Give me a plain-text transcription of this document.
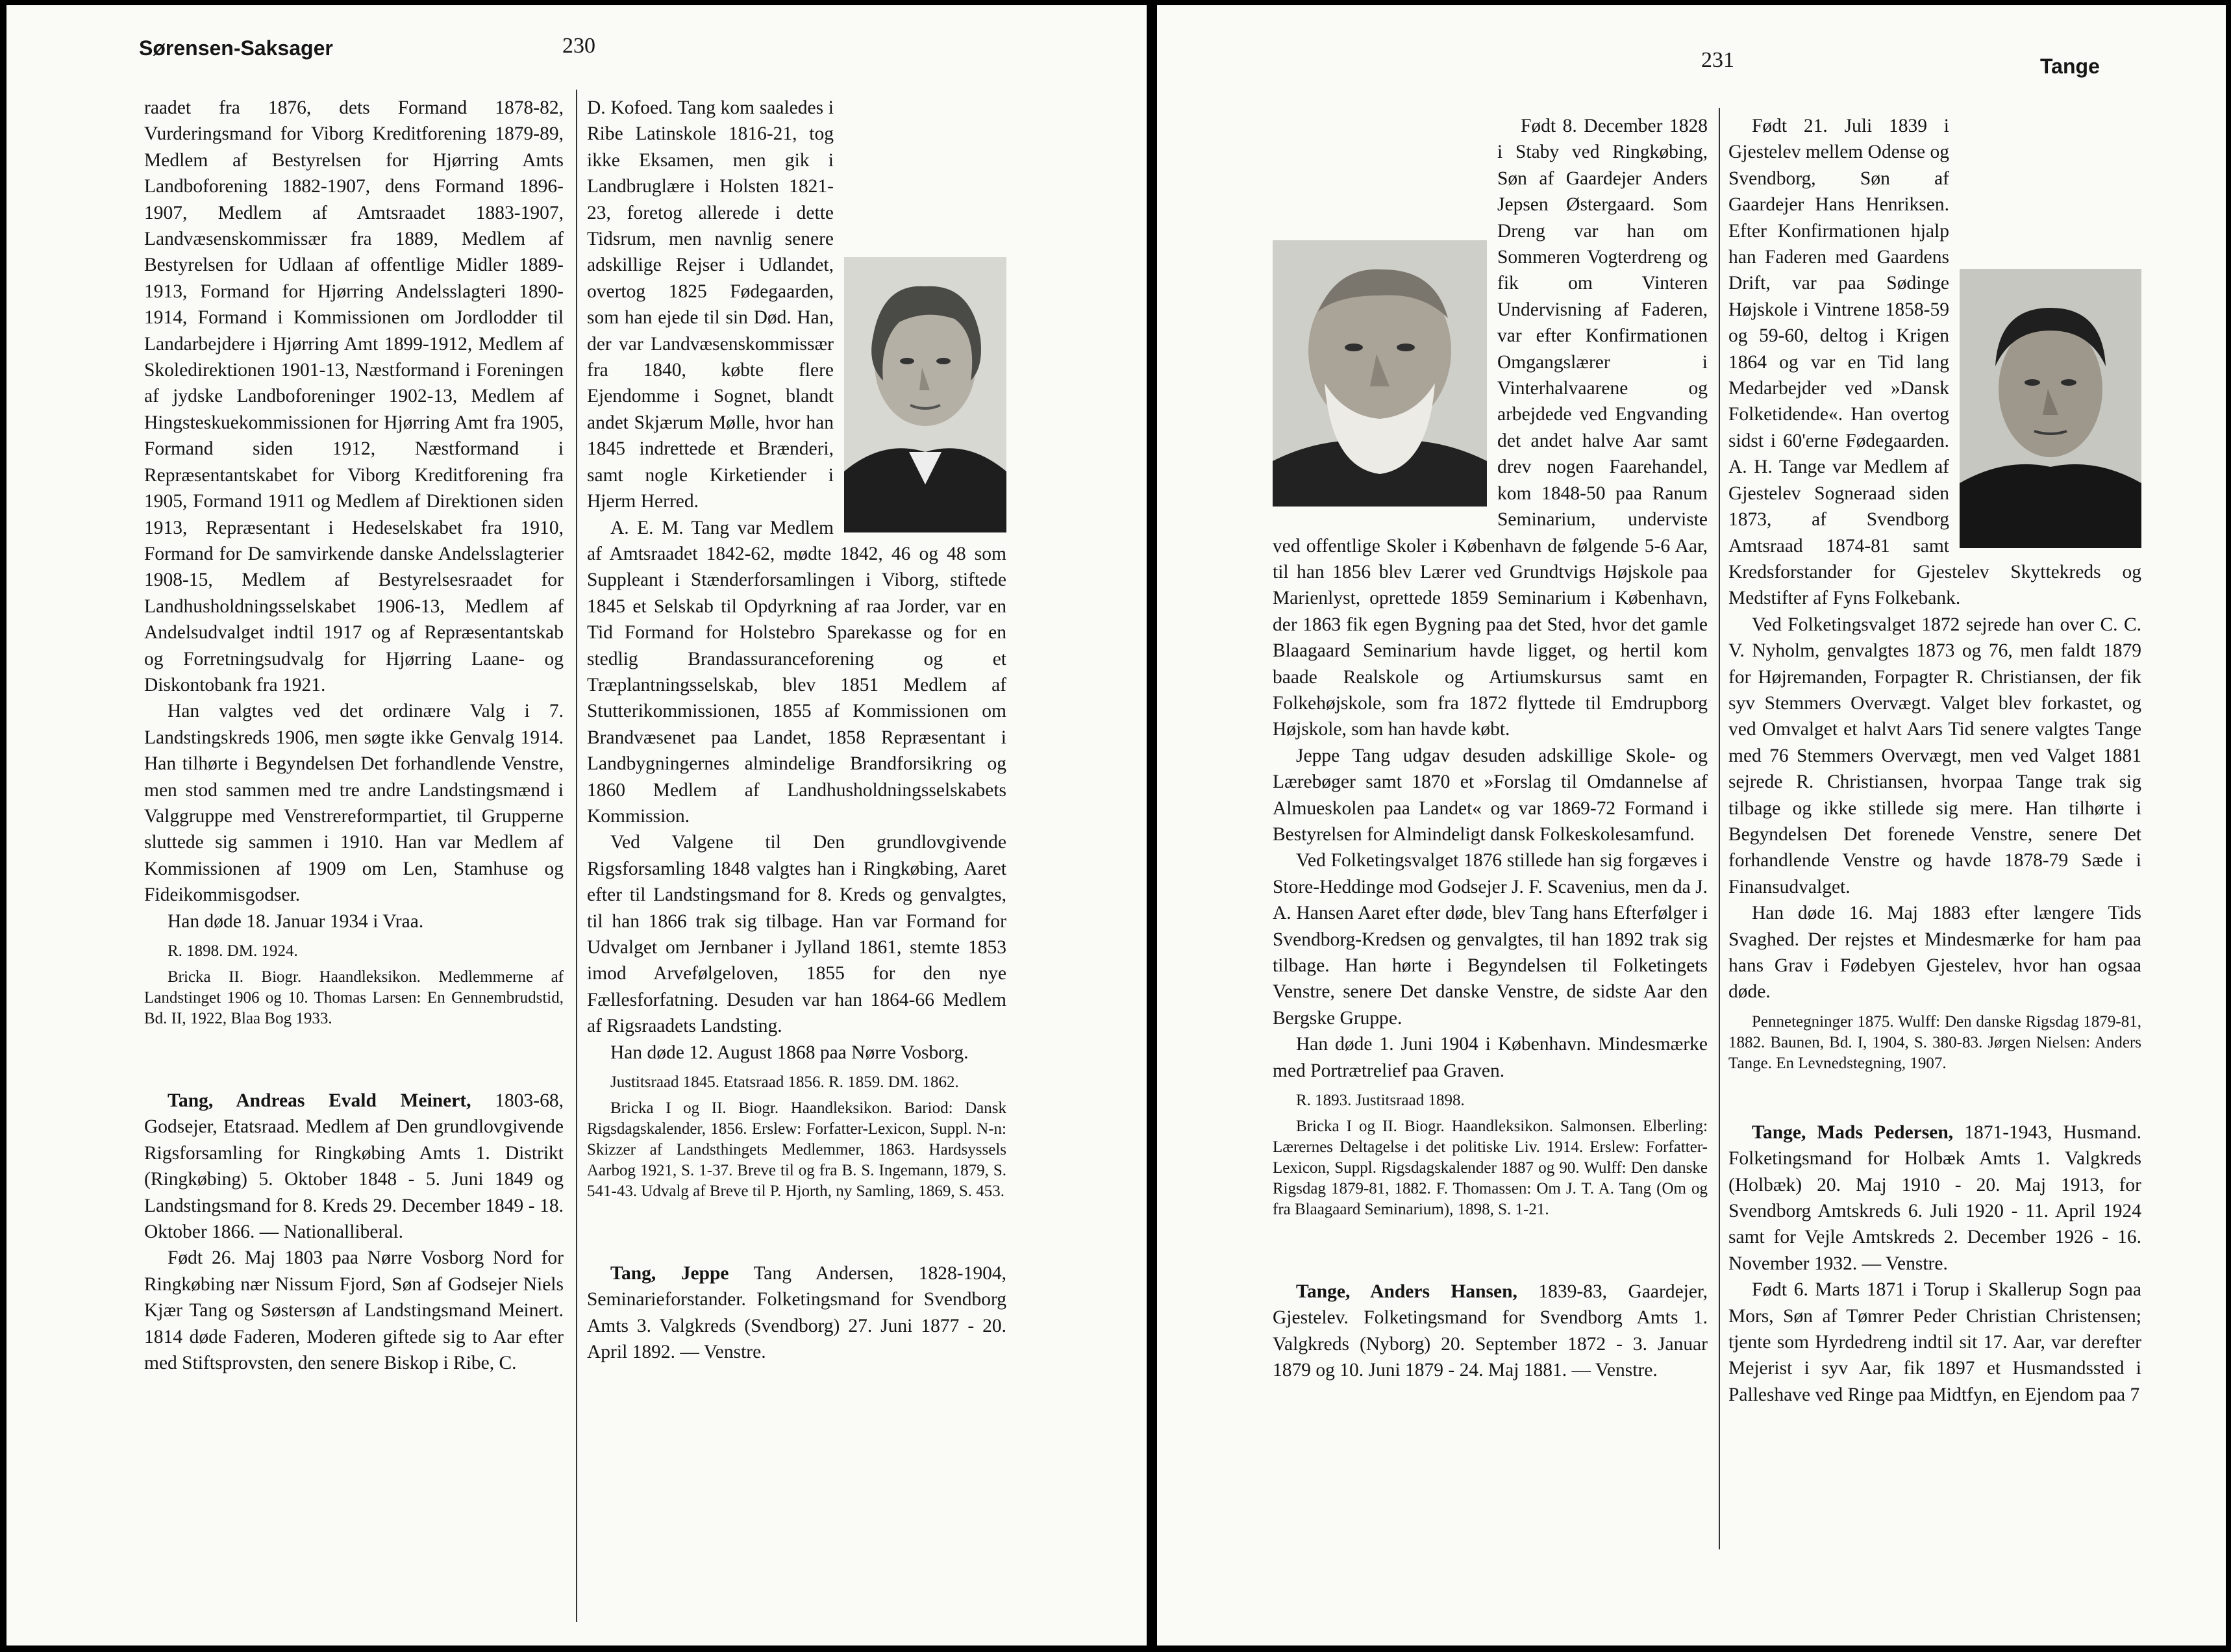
Sørensen-Saksager	230

raadet fra 1876, dets Formand 1878-82, Vurderingsmand for Viborg Kreditforening 1879-89, Medlem af Bestyrelsen for Hjørring Amts Landboforening 1882-1907, dens Formand 1896-1907, Medlem af Amtsraadet 1883-1907, Landvæsenskommissær fra 1889, Medlem af Bestyrelsen for Udlaan af offentlige Midler 1889-1913, Formand for Hjørring Andelsslagteri 1890-1914, Formand i Kommissionen om Jordlodder til Landarbejdere i Hjørring Amt 1899-1912, Medlem af Skoledirektionen 1901-13, Næstformand i Foreningen af jydske Landboforeninger 1902-13, Medlem af Hingsteskuekommissionen for Hjørring Amt fra 1905, Formand siden 1912, Næstformand i Repræsentantskabet for Viborg Kreditforening fra 1905, Formand 1911 og Medlem af Direktionen siden 1913, Repræsentant i Hedeselskabet fra 1910, Formand for De samvirkende danske Andelsslagterier 1908-15, Medlem af Bestyrelsesraadet for Landhusholdningsselskabet 1906-13, Medlem af Andelsudvalget indtil 1917 og af Repræsentantskab og Forretningsudvalg for Hjørring Laane- og Diskontobank fra 1921.

Han valgtes ved det ordinære Valg i 7. Landstingskreds 1906, men søgte ikke Genvalg 1914. Han tilhørte i Begyndelsen Det forhandlende Venstre, men stod sammen med tre andre Landstingsmænd i Valggruppe med Venstrereformpartiet, til Grupperne sluttede sig sammen i 1910. Han var Medlem af Kommissionen af 1909 om Len, Stamhuse og Fideikommisgodser.

Han døde 18. Januar 1934 i Vraa.

R. 1898. DM. 1924.

Bricka II. Biogr. Haandleksikon. Medlemmerne af Landstinget 1906 og 10. Thomas Larsen: En Gennembrudstid, Bd. II, 1922, Blaa Bog 1933.

Tang, Andreas Evald Meinert, 1803-68, Godsejer, Etatsraad. Medlem af Den grundlovgivende Rigsforsamling for Ringkøbing Amts 1. Distrikt (Ringkøbing) 5. Oktober 1848 - 5. Juni 1849 og Landstingsmand for 8. Kreds 29. December 1849 - 18. Oktober 1866. — Nationalliberal.

Født 26. Maj 1803 paa Nørre Vosborg Nord for Ringkøbing nær Nissum Fjord, Søn af Godsejer Niels Kjær Tang og Søstersøn af Landstingsmand Meinert. 1814 døde Faderen, Moderen giftede sig to Aar efter med Stiftsprovsten, den senere Biskop i Ribe, C.

D. Kofoed. Tang kom saaledes i Ribe Latinskole 1816-21, tog ikke Eksamen, men gik i Landbruglære i Holsten 1821-23, foretog allerede i dette Tidsrum, men navnlig senere adskillige Rejser i Udlandet, overtog 1825 Fødegaarden, som han ejede til sin Død. Han, der var Landvæsenskommissær fra 1840, købte flere Ejendomme i Sognet, blandt andet Skjærum Mølle, hvor han 1845 indrettede et Brænderi, samt nogle Kirketiender i Hjerm Herred.

A. E. M. Tang var Medlem af Amtsraadet 1842-62, mødte 1842, 46 og 48 som Suppleant i Stænderforsamlingen i Viborg, stiftede 1845 et Selskab til Opdyrkning af raa Jorder, var en Tid Formand for Holstebro Sparekasse og for en stedlig Brandassurancеforening og et Træplantningsselskab, blev 1851 Medlem af Stutterikommissionen, 1855 af Kommissionen om Brandvæsenet paa Landet, 1858 Repræsentant i Landbygningernes almindelige Brandforsikring og 1860 Medlem af Landhusholdningsselskabets Kommission.

Ved Valgene til Den grundlovgivende Rigsforsamling 1848 valgtes han i Ringkøbing, Aaret efter til Landstingsmand for 8. Kreds og genvalgtes, til han 1866 trak sig tilbage. Han var Formand for Udvalget om Jernbaner i Jylland 1861, stemte 1853 imod Arvefølgeloven, 1855 for den nye Fællesforfatning. Desuden var han 1864-66 Medlem af Rigsraadets Landsting.

Han døde 12. August 1868 paa Nørre Vosborg.

Justitsraad 1845. Etatsraad 1856. R. 1859. DM. 1862.

Bricka I og II. Biogr. Haandleksikon. Bariod: Dansk Rigsdagskalender, 1856. Erslew: Forfatter-Lexicon, Suppl. N-n: Skizzer af Landsthingets Medlemmer, 1863. Hardsyssels Aarbog 1921, S. 1-37. Breve til og fra B. S. Ingemann, 1879, S. 541-43. Udvalg af Breve til P. Hjorth, ny Samling, 1869, S. 453.

Tang, Jeppe Tang Andersen, 1828-1904, Seminarieforstander. Folketingsmand for Svendborg Amts 3. Valgkreds (Svendborg) 27. Juni 1877 - 20. April 1892. — Venstre.

231	Tange

Født 8. December 1828 i Staby ved Ringkøbing, Søn af Gaardejer Anders Jepsen Østergaard. Som Dreng var han om Sommeren Vogterdreng og fik om Vinteren Undervisning af Faderen, var efter Konfirmationen Omgangslærer i Vinterhalvaarene og arbejdede ved Engvanding det andet halve Aar samt drev nogen Faarehandel, kom 1848-50 paa Ranum Seminarium, underviste ved offentlige Skoler i København de følgende 5-6 Aar, til han 1856 blev Lærer ved Grundtvigs Højskole paa Marienlyst, oprettede 1859 Seminarium i København, der 1863 fik egen Bygning paa det Sted, hvor det gamle Blaagaard Seminarium havde ligget, og hertil kom baade Realskole og Artiumskursus samt en Folkehøjskole, som fra 1872 flyttede til Emdrupborg Højskole, som han havde købt.

Jeppe Tang udgav desuden adskillige Skole- og Lærebøger samt 1870 et »Forslag til Omdannelse af Almueskolen paa Landet« og var 1869-72 Formand i Bestyrelsen for Almindeligt dansk Folkeskolesamfund.

Ved Folketingsvalget 1876 stillede han sig forgæves i Store-Heddinge mod Godsejer J. F. Scavenius, men da J. A. Hansen Aaret efter døde, blev Tang hans Efterfølger i Svendborg-Kredsen og genvalgtes, til han 1892 trak sig tilbage. Han hørte i Begyndelsen til Folketingets Venstre, senere Det danske Venstre, de sidste Aar den Bergske Gruppe.

Han døde 1. Juni 1904 i København. Mindesmærke med Portrætrelief paa Graven.

R. 1893. Justitsraad 1898.

Bricka I og II. Biogr. Haandleksikon. Salmonsen. Elberling: Lærernes Deltagelse i det politiske Liv. 1914. Erslew: Forfatter-Lexicon, Suppl. Rigsdagskalender 1887 og 90. Wulff: Den danske Rigsdag 1879-81, 1882. F. Thomassen: Om J. T. A. Tang (Om og fra Blaagaard Seminarium), 1898, S. 1-21.

Tange, Anders Hansen, 1839-83, Gaardejer, Gjestelev. Folketingsmand for Svendborg Amts 1. Valgkreds (Nyborg) 20. September 1872 - 3. Januar 1879 og 10. Juni 1879 - 24. Maj 1881. — Venstre.

Født 21. Juli 1839 i Gjestelev mellem Odense og Svendborg, Søn af Gaardejer Hans Henriksen. Efter Konfirmationen hjalp han Faderen med Gaardens Drift, var paa Sødinge Højskole i Vintrene 1858-59 og 59-60, deltog i Krigen 1864 og var en Tid lang Medarbejder ved »Dansk Folketidende«. Han overtog sidst i 60'erne Fødegaarden. A. H. Tange var Medlem af Gjestelev Sogneraad siden 1873, af Svendborg Amtsraad 1874-81 samt Kredsforstander for Gjestelev Skyttekreds og Medstifter af Fyns Folkebank.

Ved Folketingsvalget 1872 sejrede han over C. C. V. Nyholm, genvalgtes 1873 og 76, men faldt 1879 for Højremanden, Forpagter R. Christiansen, der fik syv Stemmers Overvægt. Valget blev forkastet, og ved Omvalget et halvt Aars Tid senere valgtes Tange med 76 Stemmers Overvægt, men ved Valget 1881 sejrede R. Christiansen, hvorpaa Tange trak sig tilbage og ikke stillede sig mere. Han tilhørte i Begyndelsen Det forenede Venstre, senere Det forhandlende Venstre og havde 1878-79 Sæde i Finansudvalget.

Han døde 16. Maj 1883 efter længere Tids Svaghed. Der rejstes et Mindesmærke for ham paa hans Grav i Fødebyen Gjestelev, hvor han ogsaa døde.

Pennetegninger 1875. Wulff: Den danske Rigsdag 1879-81, 1882. Baunen, Bd. I, 1904, S. 380-83. Jørgen Nielsen: Anders Tange. En Levnedstegning, 1907.

Tange, Mads Pedersen, 1871-1943, Husmand. Folketingsmand for Holbæk Amts 1. Valgkreds (Holbæk) 20. Maj 1910 - 20. Maj 1913, for Svendborg Amtskreds 6. Juli 1920 - 11. April 1924 samt for Vejle Amtskreds 2. December 1926 - 16. November 1932. — Venstre.

Født 6. Marts 1871 i Torup i Skallerup Sogn paa Mors, Søn af Tømrer Peder Christian Christensen; tjente som Hyrdedreng indtil sit 17. Aar, var derefter Mejerist i syv Aar, fik 1897 et Husmandssted i Palleshave ved Ringe paa Midtfyn, en Ejendom paa 7
